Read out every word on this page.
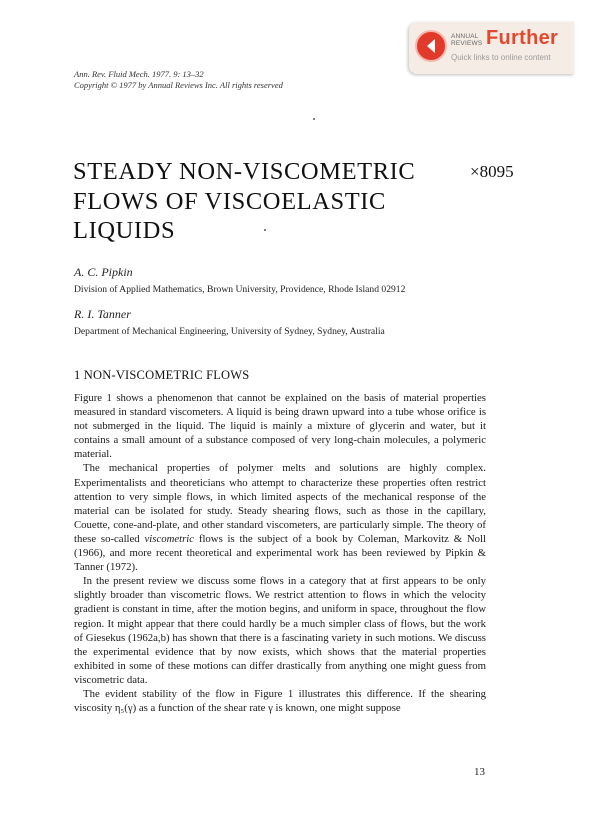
ANNUAL REVIEWS Further
Quick links to online content
Ann. Rev. Fluid Mech. 1977. 9: 13–32
Copyright © 1977 by Annual Reviews Inc. All rights reserved
STEADY NON-VISCOMETRIC
FLOWS OF VISCOELASTIC
LIQUIDS
×8095
A. C. Pipkin
Division of Applied Mathematics, Brown University, Providence, Rhode Island 02912
R. I. Tanner
Department of Mechanical Engineering, University of Sydney, Sydney, Australia
1 NON-VISCOMETRIC FLOWS

Figure 1 shows a phenomenon that cannot be explained on the basis of material properties measured in standard viscometers. A liquid is being drawn upward into a tube whose orifice is not submerged in the liquid. The liquid is mainly a mixture of glycerin and water, but it contains a small amount of a substance composed of very long-chain molecules, a polymeric material.

The mechanical properties of polymer melts and solutions are highly complex. Experimentalists and theoreticians who attempt to characterize these properties often restrict attention to very simple flows, in which limited aspects of the mechanical response of the material can be isolated for study. Steady shearing flows, such as those in the capillary, Couette, cone-and-plate, and other standard viscometers, are particularly simple. The theory of these so-called viscometric flows is the subject of a book by Coleman, Markovitz & Noll (1966), and more recent theoretical and experimental work has been reviewed by Pipkin & Tanner (1972).

In the present review we discuss some flows in a category that at first appears to be only slightly broader than viscometric flows. We restrict attention to flows in which the velocity gradient is constant in time, after the motion begins, and uniform in space, throughout the flow region. It might appear that there could hardly be a much simpler class of flows, but the work of Giesekus (1962a,b) has shown that there is a fascinating variety in such motions. We discuss the experimental evidence that by now exists, which shows that the material properties exhibited in some of these motions can differ drastically from anything one might guess from viscometric data.

The evident stability of the flow in Figure 1 illustrates this difference. If the shearing viscosity η₅(γ) as a function of the shear rate γ is known, one might suppose

13
